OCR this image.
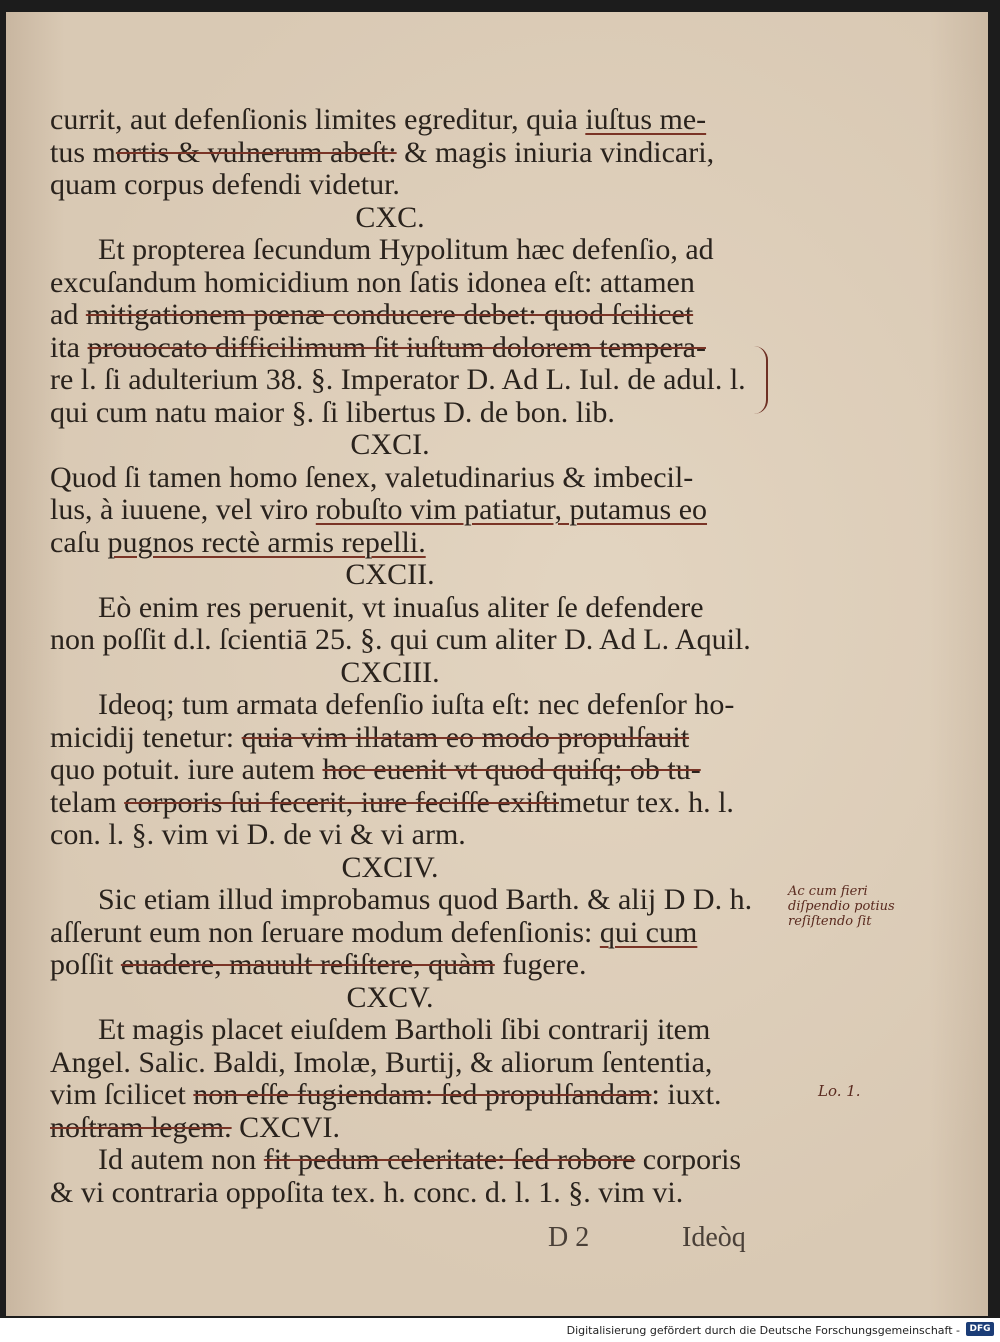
currit, aut defenſionis limites egreditur, quia iuſtus me-
tus mortis & vulnerum abeſt: & magis iniuria vindicari,
quam corpus defendi videtur.
CXC.
Et propterea ſecundum Hypolitum hæc defenſio, ad
excuſandum homicidium non ſatis idonea eſt: attamen
ad mitigationem pœnæ conducere debet: quod ſcilicet
ita prouocato difficilimum ſit iuſtum dolorem tempera-
re l. ſi adulterium 38. §. Imperator D. Ad L. Iul. de adul. l.
qui cum natu maior §. ſi libertus D. de bon. lib.
CXCI.
Quod ſi tamen homo ſenex, valetudinarius & imbecil-
lus, à iuuene, vel viro robuſto vim patiatur, putamus eo
caſu pugnos rectè armis repelli.
CXCII.
Eò enim res peruenit, vt inuaſus aliter ſe defendere
non poſſit d.l. ſcientiā 25. §. qui cum aliter D. Ad L. Aquil.
CXCIII.
Ideoq; tum armata defenſio iuſta eſt: nec defenſor ho-
micidij tenetur: quia vim illatam eo modo propulſauit
quo potuit. iure autem hoc euenit vt quod quiſq; ob tu-
telam corporis ſui fecerit, iure feciſſe exiſtimetur tex. h. l.
con. l. §. vim vi D. de vi & vi arm.
CXCIV.
Sic etiam illud improbamus quod Barth. & alij D D. h.
aſſerunt eum non ſeruare modum defenſionis: qui cum
poſſit euadere, mauult reſiſtere, quàm fugere.
CXCV.
Et magis placet eiuſdem Bartholi ſibi contrarij item
Angel. Salic. Baldi, Imolæ, Burtij, & aliorum ſententia,
vim ſcilicet non eſſe fugiendam: ſed propulſandam: iuxt.
noſtram legem. CXCVI.
Id autem non fit pedum celeritate: ſed robore corporis
& vi contraria oppoſita tex. h. conc. d. l. 1. §. vim vi.
Ac cum fieri
diſpendio potius
reſiſtendo ſit
Lo. 1.
D 2	Ideòq
Digitalisierung gefördert durch die Deutsche Forschungsgemeinschaft -	DFG
